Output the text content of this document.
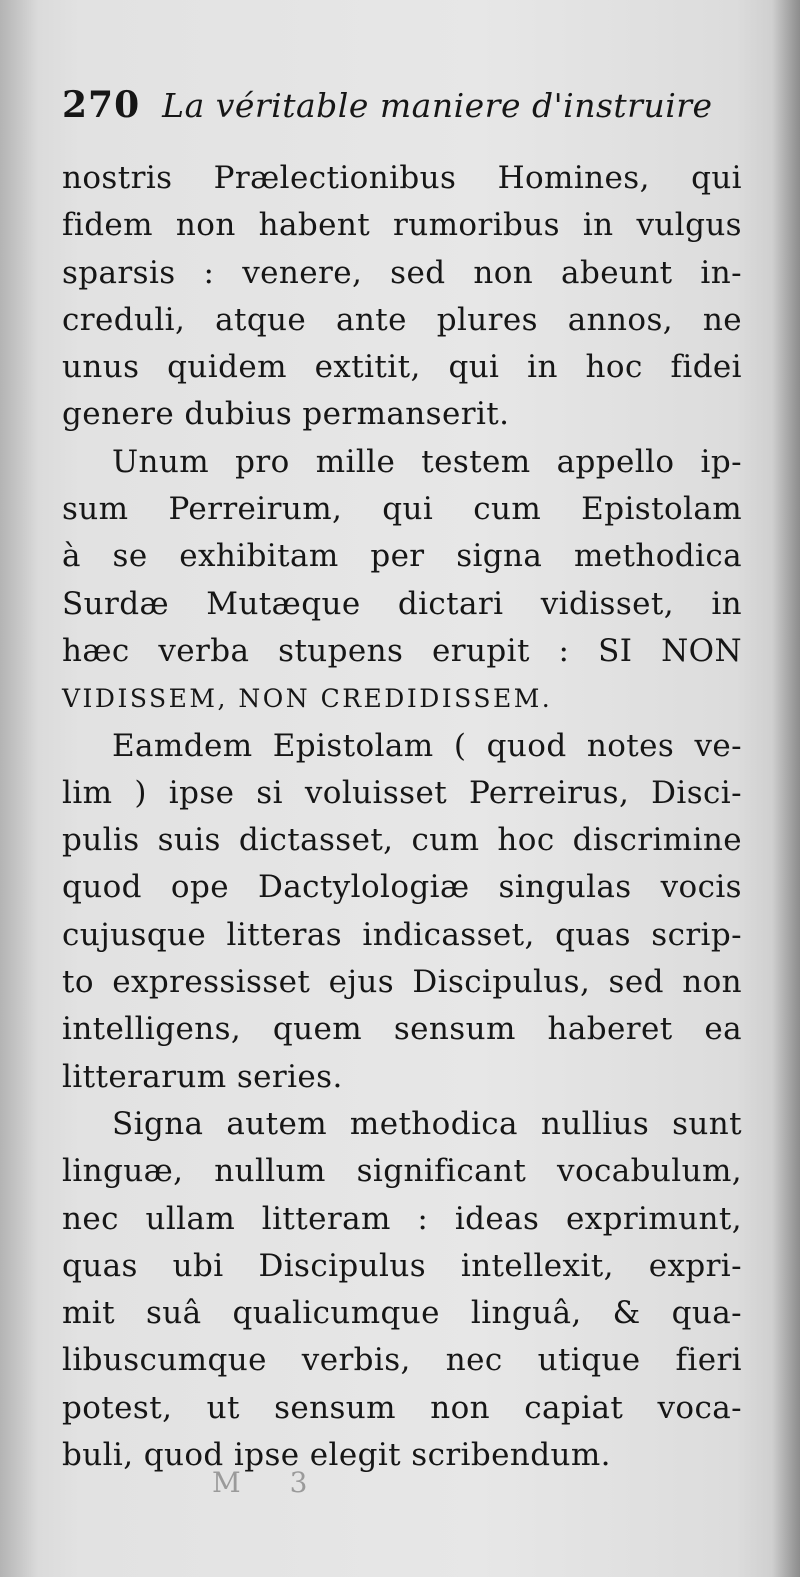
270 La véritable maniere d'instruire
nostris Prælectionibus Homines, qui
fidem non habent rumoribus in vulgus
sparsis : venere, sed non abeunt in-
creduli, atque ante plures annos, ne
unus quidem extitit, qui in hoc fidei
genere dubius permanserit.
Unum pro mille testem appello ip-
sum Perreirum, qui cum Epistolam
à se exhibitam per signa methodica
Surdæ Mutæque dictari vidisset, in
hæc verba stupens erupit : SI NON
VIDISSEM, NON CREDIDISSEM.
Eamdem Epistolam ( quod notes ve-
lim ) ipse si voluisset Perreirus, Disci-
pulis suis dictasset, cum hoc discrimine
quod ope Dactylologiæ singulas vocis
cujusque litteras indicasset, quas scrip-
to expressisset ejus Discipulus, sed non
intelligens, quem sensum haberet ea
litterarum series.
Signa autem methodica nullius sunt
linguæ, nullum significant vocabulum,
nec ullam litteram : ideas exprimunt,
quas ubi Discipulus intellexit, expri-
mit suâ qualicumque linguâ, & qua-
libuscumque verbis, nec utique fieri
potest, ut sensum non capiat voca-
buli, quod ipse elegit scribendum.
M 3
